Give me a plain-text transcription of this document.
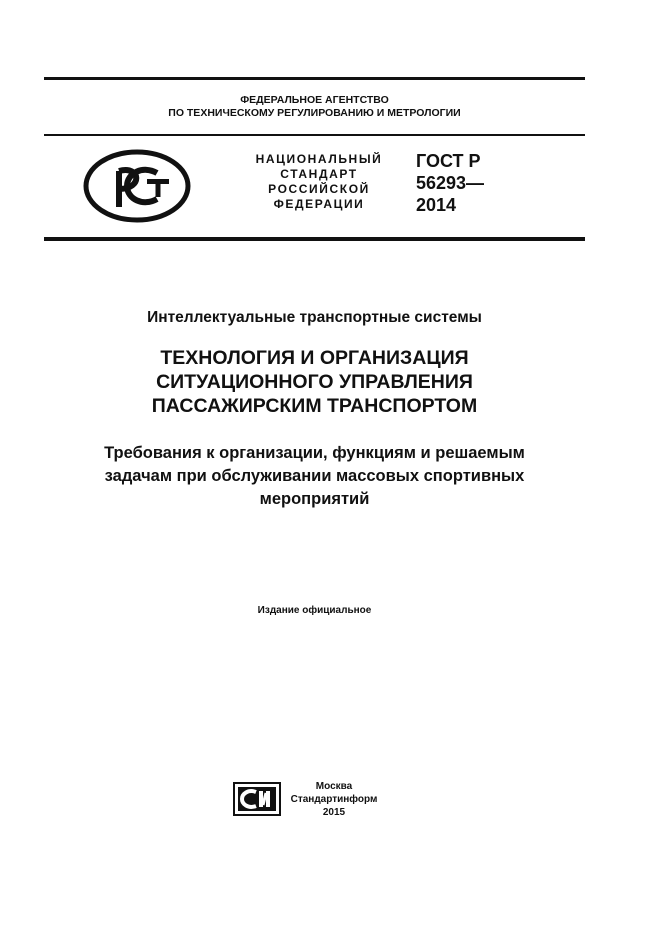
ФЕДЕРАЛЬНОЕ АГЕНТСТВО
ПО ТЕХНИЧЕСКОМУ РЕГУЛИРОВАНИЮ И МЕТРОЛОГИИ
НАЦИОНАЛЬНЫЙ
СТАНДАРТ
РОССИЙСКОЙ
ФЕДЕРАЦИИ
ГОСТ Р
56293—
2014
Интеллектуальные транспортные системы
ТЕХНОЛОГИЯ И ОРГАНИЗАЦИЯ
СИТУАЦИОННОГО УПРАВЛЕНИЯ
ПАССАЖИРСКИМ ТРАНСПОРТОМ
Требования к организации, функциям и решаемым
задачам при обслуживании массовых спортивных
мероприятий
Издание официальное
Москва
Стандартинформ
2015
